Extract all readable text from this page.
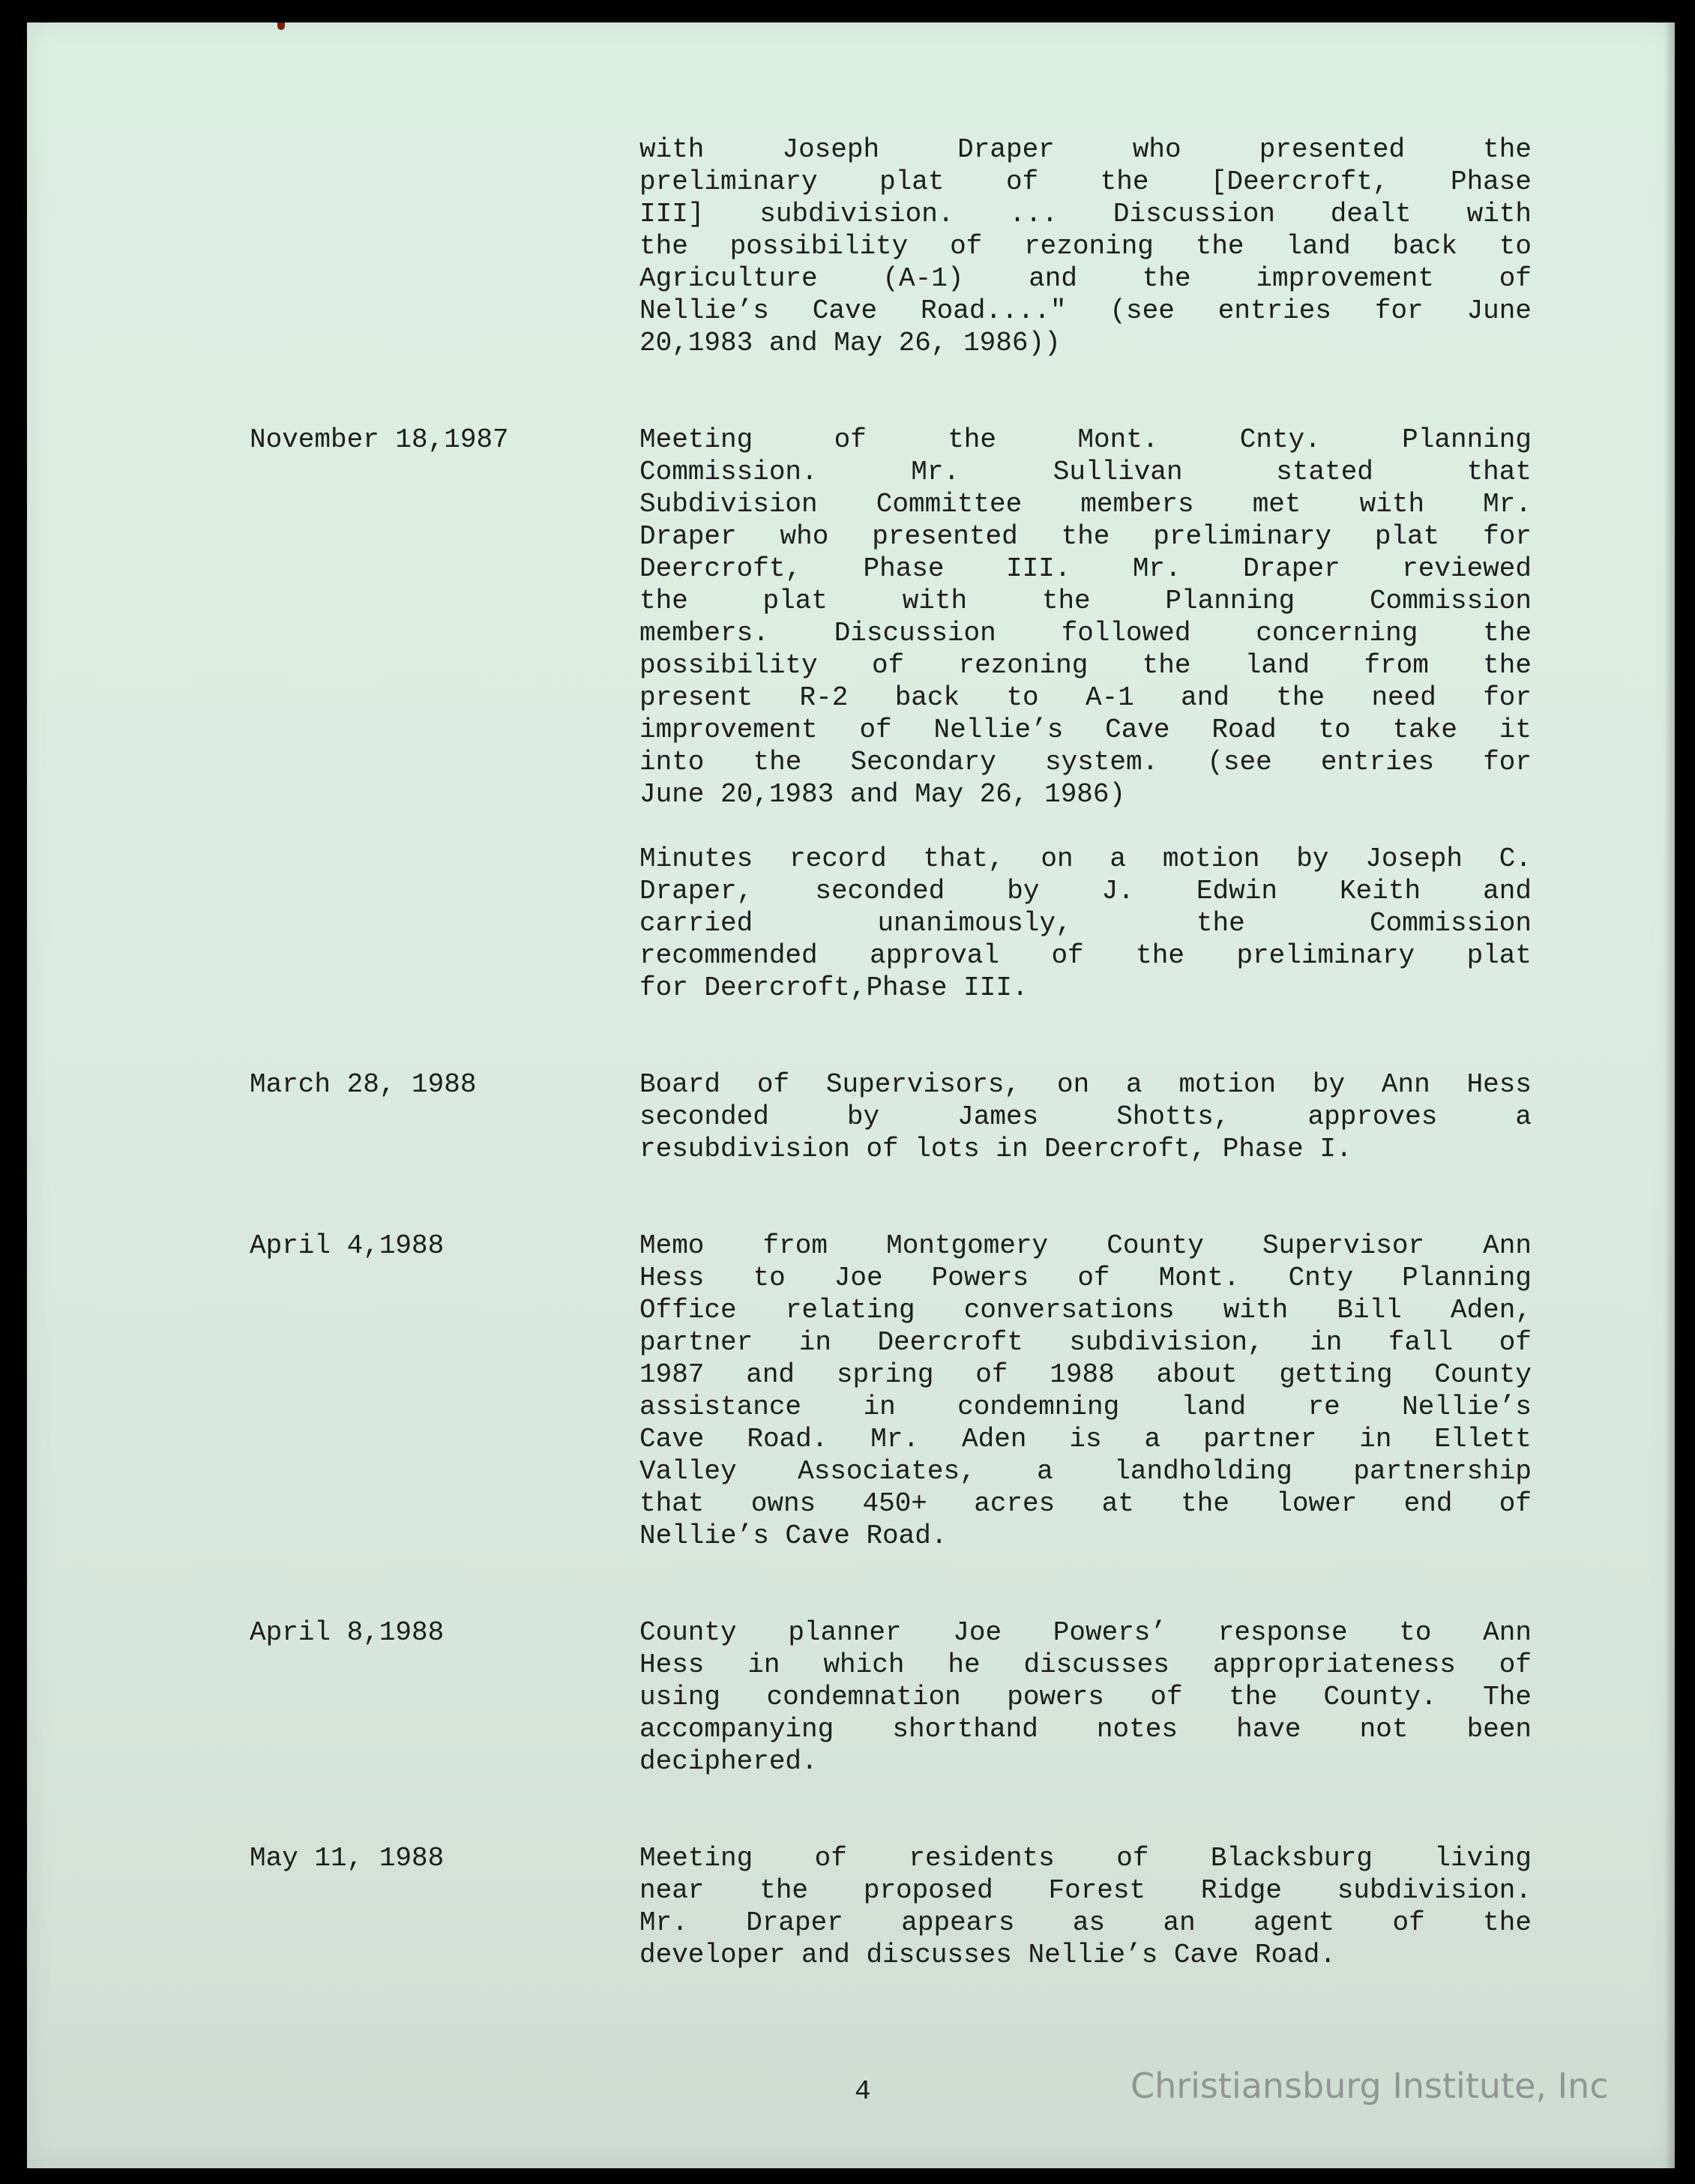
with Joseph Draper who presented the
preliminary plat of the [Deercroft, Phase
III] subdivision. ... Discussion dealt with
the possibility of rezoning the land back to
Agriculture (A-1) and the improvement of
Nellie’s Cave Road...." (see entries for June
20,1983 and May 26, 1986))
November 18,1987	Meeting of the Mont. Cnty. Planning
Commission. Mr. Sullivan stated that
Subdivision Committee members met with Mr.
Draper who presented the preliminary plat for
Deercroft, Phase III. Mr. Draper reviewed
the plat with the Planning Commission
members. Discussion followed concerning the
possibility of rezoning the land from the
present R-2 back to A-1 and the need for
improvement of Nellie’s Cave Road to take it
into the Secondary system. (see entries for
June 20,1983 and May 26, 1986)
Minutes record that, on a motion by Joseph C.
Draper, seconded by J. Edwin Keith and
carried unanimously, the Commission
recommended approval of the preliminary plat
for Deercroft,Phase III.
March 28, 1988	Board of Supervisors, on a motion by Ann Hess
seconded by James Shotts, approves a
resubdivision of lots in Deercroft, Phase I.
April 4,1988	Memo from Montgomery County Supervisor Ann
Hess to Joe Powers of Mont. Cnty Planning
Office relating conversations with Bill Aden,
partner in Deercroft subdivision, in fall of
1987 and spring of 1988 about getting County
assistance in condemning land re Nellie’s
Cave Road. Mr. Aden is a partner in Ellett
Valley Associates, a landholding partnership
that owns 450+ acres at the lower end of
Nellie’s Cave Road.
April 8,1988	County planner Joe Powers’ response to Ann
Hess in which he discusses appropriateness of
using condemnation powers of the County. The
accompanying shorthand notes have not been
deciphered.
May 11, 1988	Meeting of residents of Blacksburg living
near the proposed Forest Ridge subdivision.
Mr. Draper appears as an agent of the
developer and discusses Nellie’s Cave Road.
4	Christiansburg Institute, Inc
